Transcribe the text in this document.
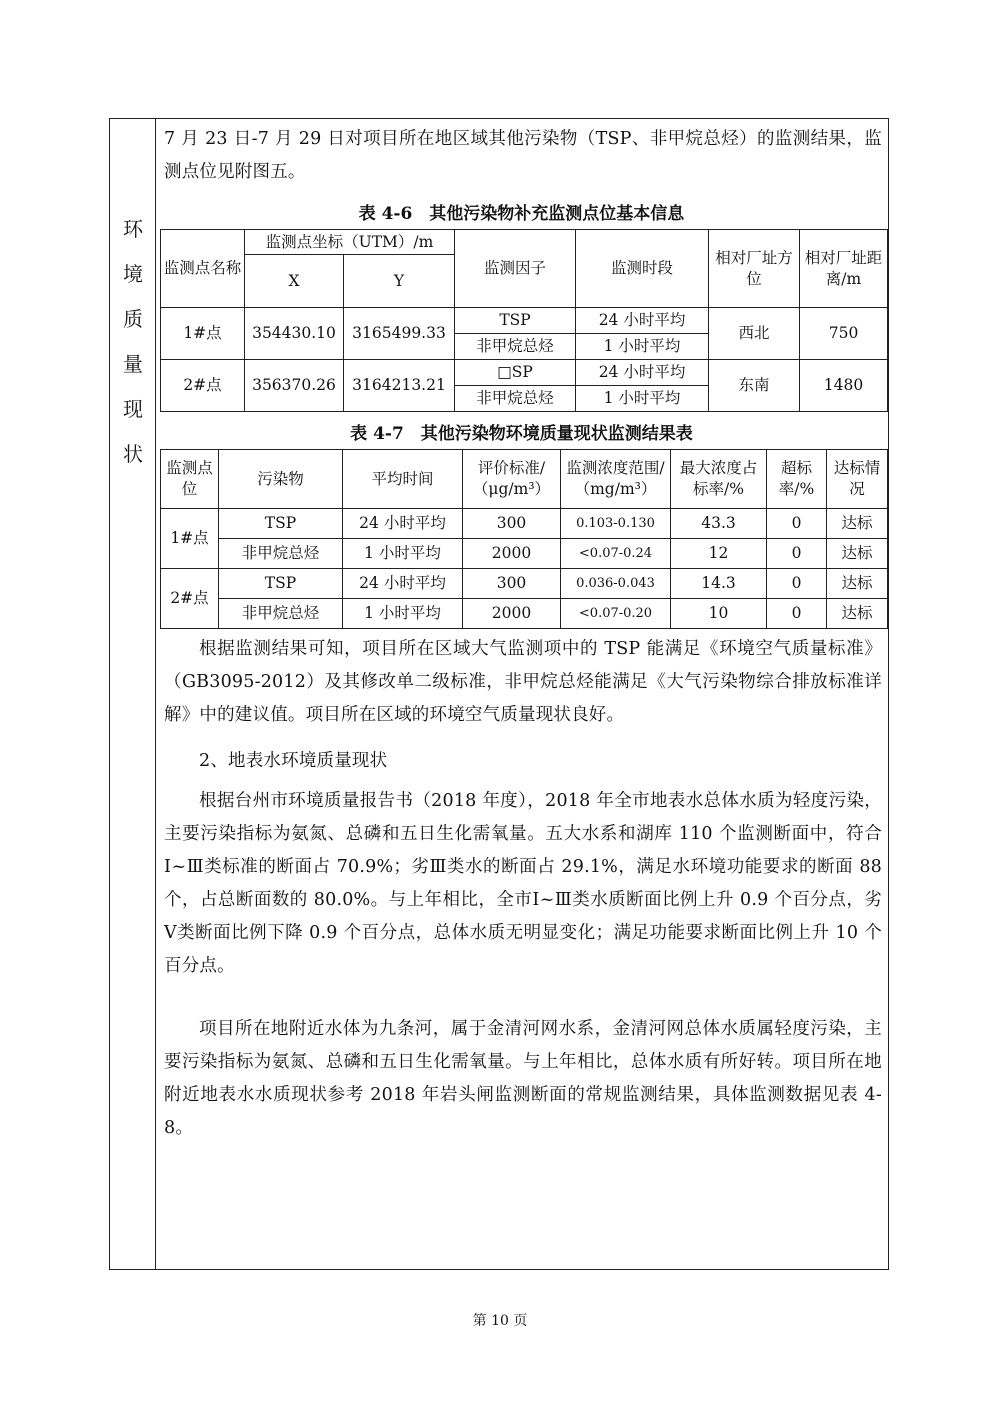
环
境
质
量
现
状

7 月 23 日-7 月 29 日对项目所在地区域其他污染物（TSP、非甲烷总烃）的监测结果，监测点位见附图五。

表 4-6　其他污染物补充监测点位基本信息

监测点名称	监测点坐标（UTM）/m		监测因子	监测时段	相对厂址方位	相对厂址距离/m
	X	Y				
1#点	354430.10	3165499.33	TSP	24 小时平均	西北	750
			非甲烷总烃	1 小时平均		
2#点	356370.26	3164213.21	□SP	24 小时平均	东南	1480
			非甲烷总烃	1 小时平均		

表 4-7　其他污染物环境质量现状监测结果表

监测点位	污染物	平均时间	评价标准/（μg/m³）	监测浓度范围/（mg/m³）	最大浓度占标率/%	超标率/%	达标情况
1#点	TSP	24 小时平均	300	0.103-0.130	43.3	0	达标
	非甲烷总烃	1 小时平均	2000	<0.07-0.24	12	0	达标
2#点	TSP	24 小时平均	300	0.036-0.043	14.3	0	达标
	非甲烷总烃	1 小时平均	2000	<0.07-0.20	10	0	达标

根据监测结果可知，项目所在区域大气监测项中的 TSP 能满足《环境空气质量标准》（GB3095-2012）及其修改单二级标准，非甲烷总烃能满足《大气污染物综合排放标准详解》中的建议值。项目所在区域的环境空气质量现状良好。

2、地表水环境质量现状

根据台州市环境质量报告书（2018 年度），2018 年全市地表水总体水质为轻度污染，主要污染指标为氨氮、总磷和五日生化需氧量。五大水系和湖库 110 个监测断面中，符合Ⅰ~Ⅲ类标准的断面占 70.9%；劣Ⅲ类水的断面占 29.1%，满足水环境功能要求的断面 88 个，占总断面数的 80.0%。与上年相比，全市Ⅰ~Ⅲ类水质断面比例上升 0.9 个百分点，劣Ⅴ类断面比例下降 0.9 个百分点，总体水质无明显变化；满足功能要求断面比例上升 10 个百分点。

项目所在地附近水体为九条河，属于金清河网水系，金清河网总体水质属轻度污染，主要污染指标为氨氮、总磷和五日生化需氧量。与上年相比，总体水质有所好转。项目所在地附近地表水水质现状参考 2018 年岩头闸监测断面的常规监测结果，具体监测数据见表 4-8。

第 10 页
